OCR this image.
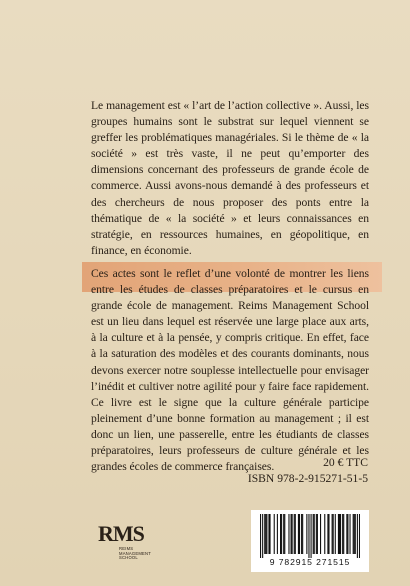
Le management est « l’art de l’action collective ». Aussi, les groupes humains sont le substrat sur lequel viennent se greffer les problématiques managériales. Si le thème de « la société » est très vaste, il ne peut qu’emporter des dimensions concernant des professeurs de grande école de commerce. Aussi avons-nous demandé à des professeurs et des chercheurs de nous proposer des ponts entre la thématique de « la société » et leurs connaissances en stratégie, en ressources humaines, en géopolitique, en finance, en économie.

Ces actes sont le reflet d’une volonté de montrer les liens entre les études de classes préparatoires et le cursus en grande école de management. Reims Management School est un lieu dans lequel est réservée une large place aux arts, à la culture et à la pensée, y compris critique. En effet, face à la saturation des modèles et des courants dominants, nous devons exercer notre souplesse intellectuelle pour envisager l’inédit et cultiver notre agilité pour y faire face rapidement. Ce livre est le signe que la culture générale participe pleinement d’une bonne formation au management ; il est donc un lien, une passerelle, entre les étudiants de classes préparatoires, leurs professeurs de culture générale et les grandes écoles de commerce françaises.	20 € TTC
ISBN 978-2-915271-51-5
RMS
REIMS
MANAGEMENT
SCHOOL	9 782915 271515
